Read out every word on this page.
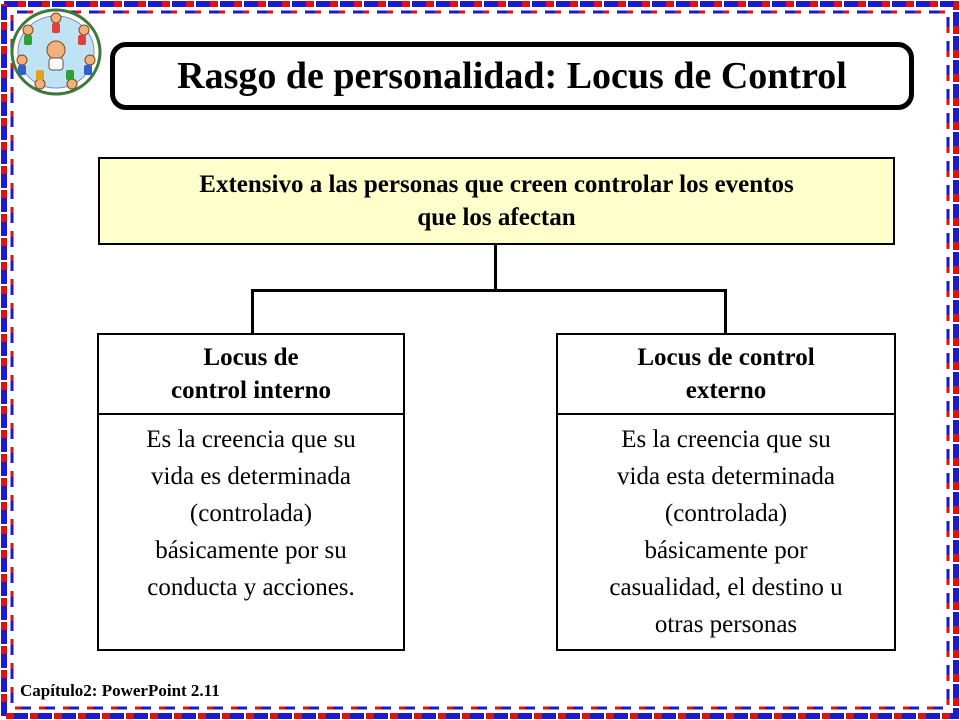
Rasgo de personalidad: Locus de Control
Extensivo a las personas que creen controlar los eventos
que los afectan
Locus de
control interno
Es la creencia que su
vida es determinada
(controlada)
básicamente por su
conducta y acciones.
Locus de control
externo
Es la creencia que su
vida esta determinada
(controlada)
básicamente por
casualidad, el destino u
otras personas
Capítulo2: PowerPoint 2.11
